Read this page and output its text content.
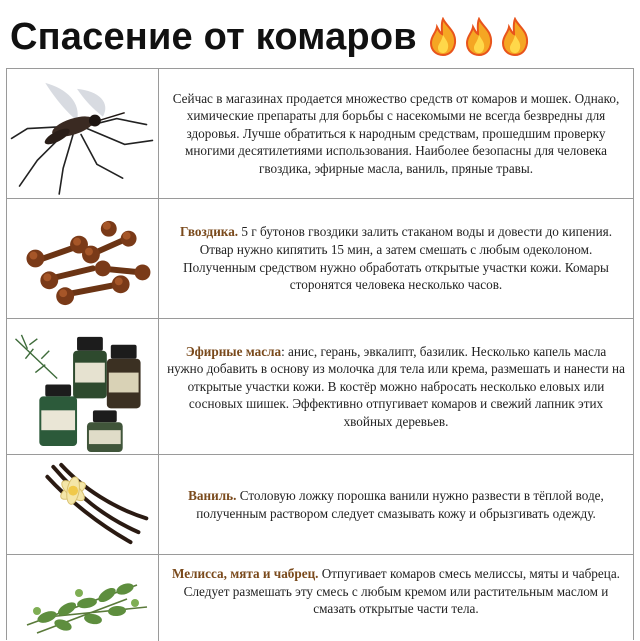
Спасение от комаров

Сейчас в магазинах продается множество средств от комаров и мошек. Однако, химические препараты для борьбы с насекомыми не всегда безвредны для здоровья. Лучше обратиться к народным средствам, прошедшим проверку многими десятилетиями использования. Наиболее безопасны для человека гвоздика, эфирные масла, ваниль, пряные травы.

Гвоздика. 5 г бутонов гвоздики залить стаканом воды и довести до кипения. Отвар нужно кипятить 15 мин, а затем смешать с любым одеколоном. Полученным средством нужно обработать открытые участки кожи. Комары сторонятся человека несколько часов.

Эфирные масла: анис, герань, эвкалипт, базилик. Несколько капель масла нужно добавить в основу из молочка для тела или крема, размешать и нанести на открытые участки кожи. В костёр можно набросать несколько еловых или сосновых шишек. Эффективно отпугивает комаров и свежий лапник этих хвойных деревьев.

Ваниль. Столовую ложку порошка ванили нужно развести в тёплой воде, полученным раствором следует смазывать кожу и обрызгивать одежду.

Мелисса, мята и чабрец. Отпугивает комаров смесь мелиссы, мяты и чабреца. Следует размешать эту смесь с любым кремом или растительным маслом и смазать открытые части тела.
